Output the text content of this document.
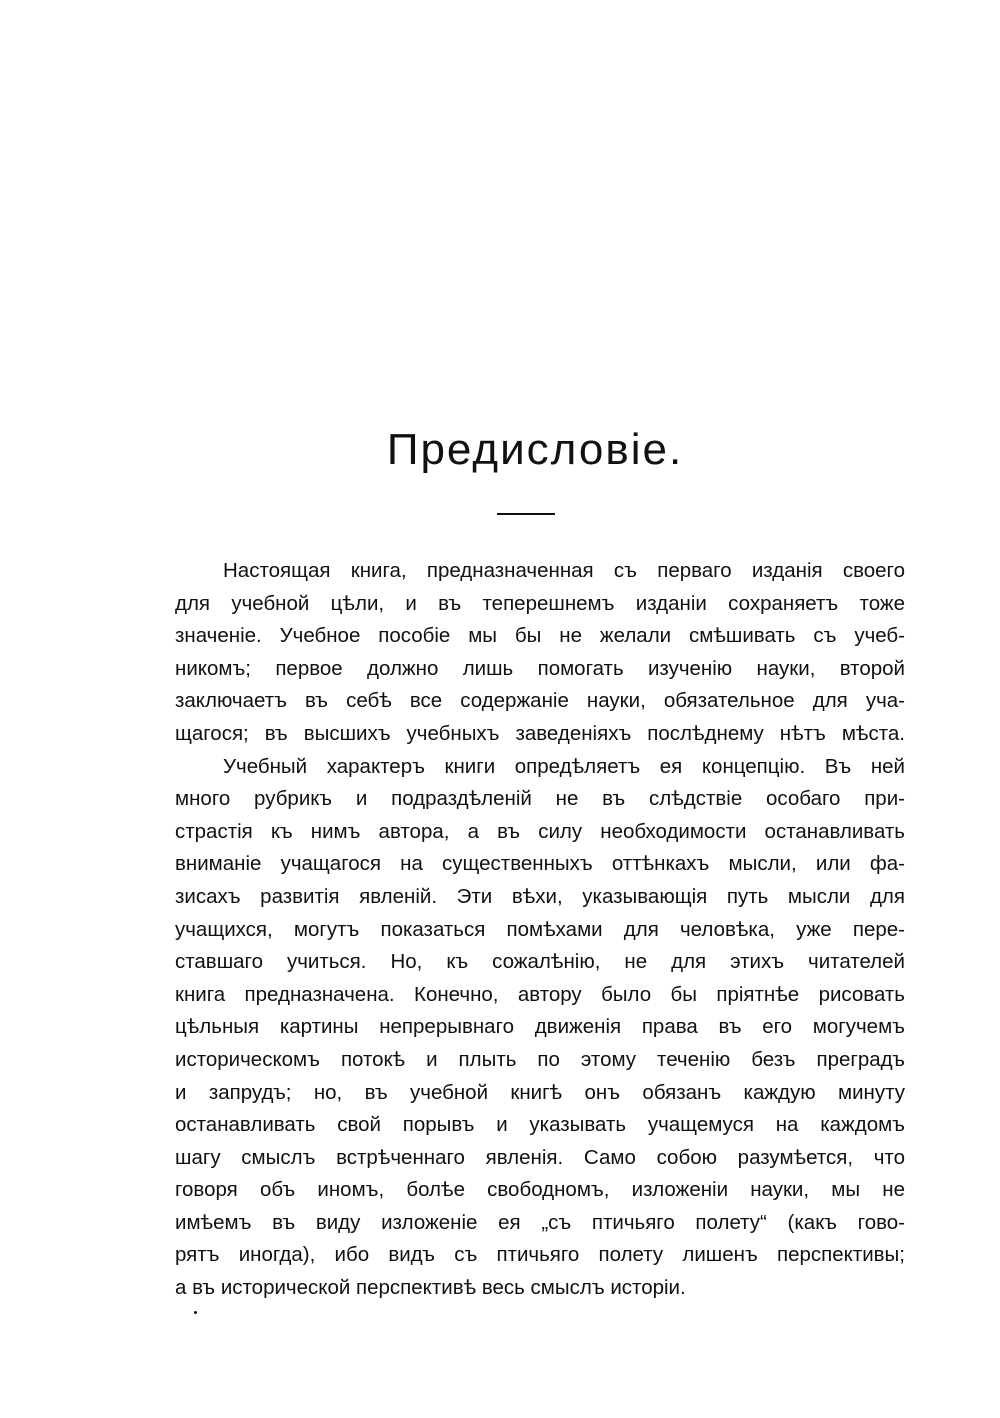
Предисловіе.
Настоящая книга, предназначенная съ перваго изданія своего
для учебной цѣли, и въ теперешнемъ изданіи сохраняетъ тоже
значеніе. Учебное пособіе мы бы не желали смѣшивать съ учеб-
никомъ; первое должно лишь помогать изученію науки, второй
заключаетъ въ себѣ все содержаніе науки, обязательное для уча-
щагося; въ высшихъ учебныхъ заведеніяхъ послѣднему нѣтъ мѣста.
Учебный характеръ книги опредѣляетъ ея концепцію. Въ ней
много рубрикъ и подраздѣленій не въ слѣдствіе особаго при-
страстія къ нимъ автора, а въ силу необходимости останавливать
вниманіе учащагося на существенныхъ оттѣнкахъ мысли, или фа-
зисахъ развитія явленій. Эти вѣхи, указывающія путь мысли для
учащихся, могутъ показаться помѣхами для человѣка, уже пере-
ставшаго учиться. Но, къ сожалѣнію, не для этихъ читателей
книга предназначена. Конечно, автору было бы пріятнѣе рисовать
цѣльныя картины непрерывнаго движенія права въ его могучемъ
историческомъ потокѣ и плыть по этому теченію безъ преградъ
и запрудъ; но, въ учебной книгѣ онъ обязанъ каждую минуту
останавливать свой порывъ и указывать учащемуся на каждомъ
шагу смыслъ встрѣченнаго явленія. Само собою разумѣется, что
говоря объ иномъ, болѣе свободномъ, изложеніи науки, мы не
имѣемъ въ виду изложеніе ея „съ птичьяго полету“ (какъ гово-
рятъ иногда), ибо видъ съ птичьяго полету лишенъ перспективы;
а въ исторической перспективѣ весь смыслъ исторіи.
